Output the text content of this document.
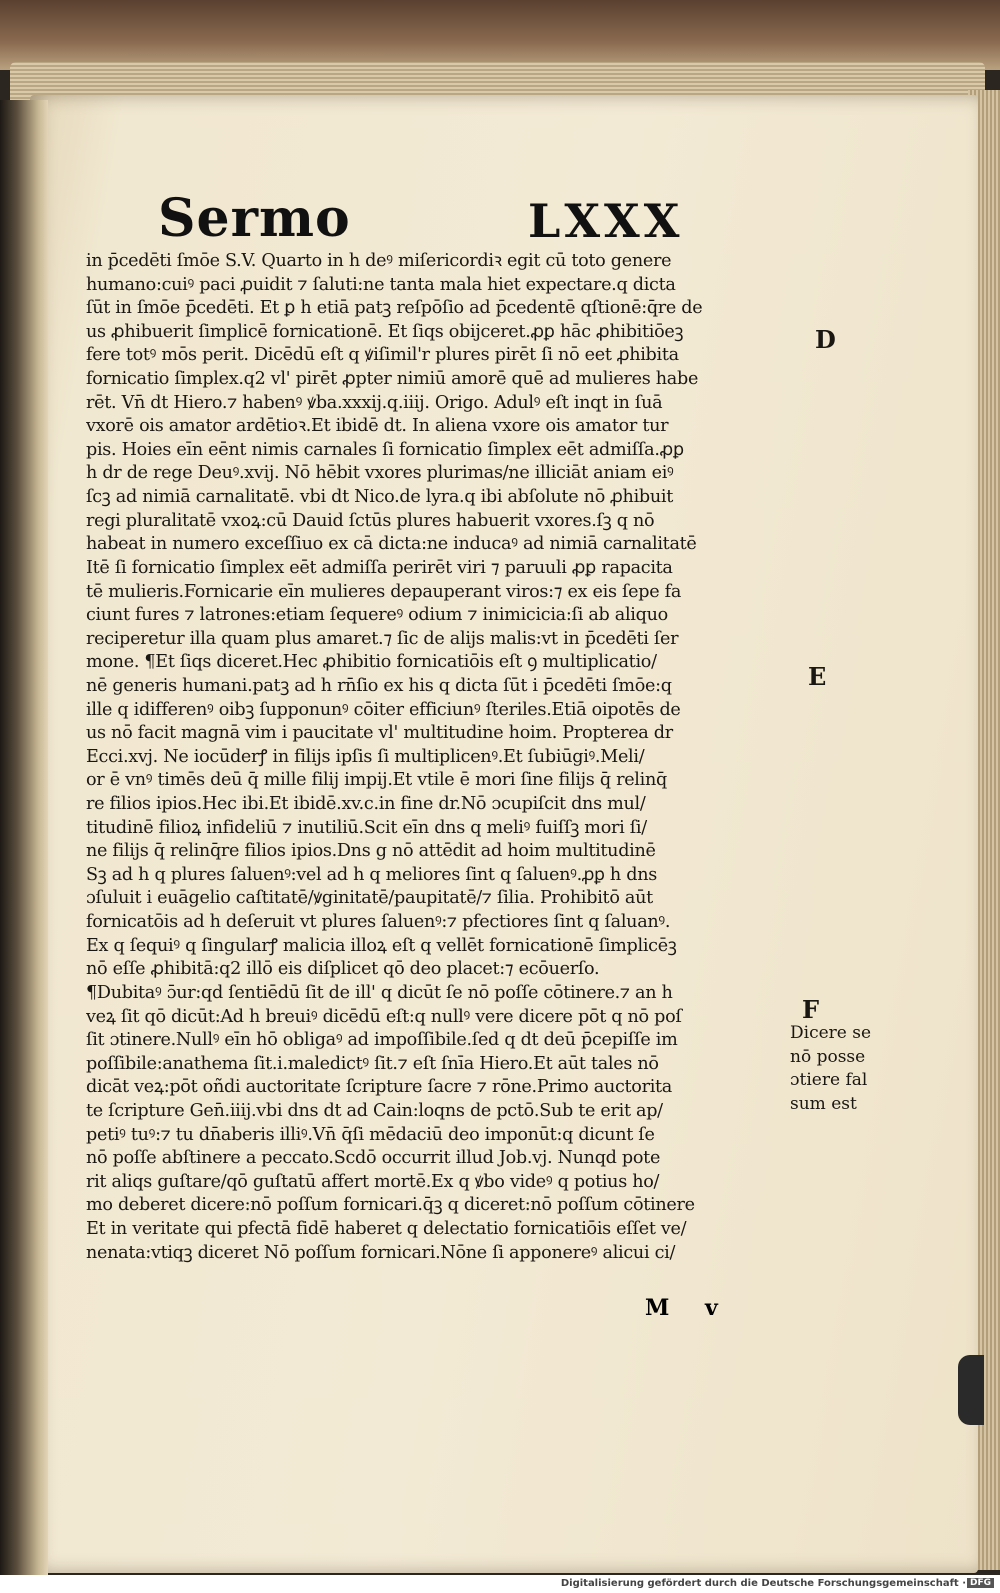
Sermo	LXXX
in p̄cedēti ſmōe S.V. Quarto in h deꝰ miſericordiꝛ egit cū toto genere
humano:cuiꝰ paci ꝓuidit ⁊ ſaluti:ne tanta mala hiet expectare.q dicta
ſūt in ſmōe p̄cedēti. Et ꝑ h etiā patꝫ reſpōſio ad p̄cedentē qſtionē:q̄re de
us ꝓhibuerit ſimplicē fornicationē. Et ſiqs obijceret.ꝓꝑ hāc ꝓhibitiōeꝫ
fere totꝰ mōs perit. Dicēdū eſt q ꝟiſimil'r plures pirēt ſi nō eet ꝓhibita
fornicatio ſimplex.q2 vl' pirēt ꝓpter nimiū amorē quē ad mulieres habe
rēt. Vn̄ dt Hiero.⁊ habenꝰ ꝟba.xxxij.q.iiij. Origo. Adulꝰ eſt inqt in ſuā
vxorē ois amator ardētioꝛ.Et ibidē dt. In aliena vxore ois amator tur
pis. Hoies eīn eēnt nimis carnales ſi fornicatio ſimplex eēt admiſſa.ꝓꝑ
h dr de rege Deuꝰ.xvij. Nō hēbit vxores plurimas/ne illiciāt aniam eiꝰ
ſcꝫ ad nimiā carnalitatē. vbi dt Nico.de lyra.q ibi abſolute nō ꝓhibuit
regi pluralitatē vxoꝝ:cū Dauid ſctūs plures habuerit vxores.ſꝫ q nō
habeat in numero exceſſiuo ex cā dicta:ne inducaꝰ ad nimiā carnalitatē
Itē ſi fornicatio ſimplex eēt admiſſa perirēt viri ⁊ paruuli ꝓꝑ rapacita
tē mulieris.Fornicarie eīn mulieres depauperant viros:⁊ ex eis ſepe fa
ciunt fures ⁊ latrones:etiam ſequereꝰ odium ⁊ inimicicia:ſi ab aliquo
reciperetur illa quam plus amaret.⁊ ſic de alijs malis:vt in p̄cedēti ſer
mone. ¶Et ſiqs diceret.Hec ꝓhibitio fornicatiōis eſt ꝯ multiplicatio/
nē generis humani.patꝫ ad h rn̄ſio ex his q dicta ſūt i p̄cedēti ſmōe:q
ille q idifferenꝰ oibꝫ ſupponunꝰ cōiter efficiunꝰ ſteriles.Etiā oipotēs de
us nō facit magnā vim i paucitate vl' multitudine hoim. Propterea dr
Ecci.xvj. Ne iocūderꝭ in filijs ipſis ſi multiplicenꝰ.Et ſubiūgiꝰ.Meli/
or ē vnꝰ timēs deū q̄ mille filij impij.Et vtile ē mori ſine filijs q̄ relinq̄
re filios ipios.Hec ibi.Et ibidē.xv.c.in fine dr.Nō ɔcupiſcit dns mul/
titudinē filioꝝ infideliū ⁊ inutiliū.Scit eīn dns q meliꝰ fuiſſꝫ mori ſi/
ne filijs q̄ relinq̄re filios ipios.Dns g nō attēdit ad hoim multitudinē
Sꝫ ad h q plures ſaluenꝰ:vel ad h q meliores ſint q ſaluenꝰ.ꝓꝑ h dns
ɔſuluit i euāgelio caſtitatē/ꝟginitatē/paupitatē/⁊ ſilia. Prohibitō aūt
fornicatōis ad h deſeruit vt plures ſaluenꝰ:⁊ pfectiores ſint q ſaluanꝰ.
Ex q ſequiꝰ q ſingularꝭ malicia illoꝝ eſt q vellēt fornicationē ſimplicēꝫ
nō eſſe ꝓhibitā:q2 illō eis diſplicet qō deo placet:⁊ ecōuerſo.
¶Dubitaꝰ ɔ̄ur:qd ſentiēdū ſit de ill' q dicūt ſe nō poſſe cōtinere.⁊ an h
veꝝ ſit qō dicūt:Ad h breuiꝰ dicēdū eſt:q nullꝰ vere dicere pōt q nō poſ
ſit ɔtinere.Nullꝰ eīn hō obligaꝰ ad impoſſibile.ſed q dt deū p̄cepiſſe im
poſſibile:anathema ſit.i.maledictꝰ ſit.⁊ eſt ſnīa Hiero.Et aūt tales nō
dicāt veꝝ:pōt oñdi auctoritate ſcripture ſacre ⁊ rōne.Primo auctorita
te ſcripture Gen̄.iiij.vbi dns dt ad Cain:loqns de pctō.Sub te erit ap/
petiꝰ tuꝰ:⁊ tu dn̄aberis illiꝰ.Vn̄ q̄ſi mēdaciū deo imponūt:q dicunt ſe
nō poſſe abſtinere a peccato.Scdō occurrit illud Job.vj. Nunqd pote
rit aliqs guſtare/qō guſtatū affert mortē.Ex q ꝟbo videꝰ q potius ho/
mo deberet dicere:nō poſſum fornicari.q̄ꝫ q diceret:nō poſſum cōtinere
Et in veritate qui pfectā fidē haberet q delectatio fornicatiōis eſſet ve/
nenata:vtiqꝫ diceret Nō poſſum fornicari.Nōne ſi apponereꝰ alicui ci/
D
E
F
Dicere se
nō posse
ɔtiere fal
sum est
M v
Digitalisierung gefördert durch die Deutsche Forschungsgemeinschaft · DFG
